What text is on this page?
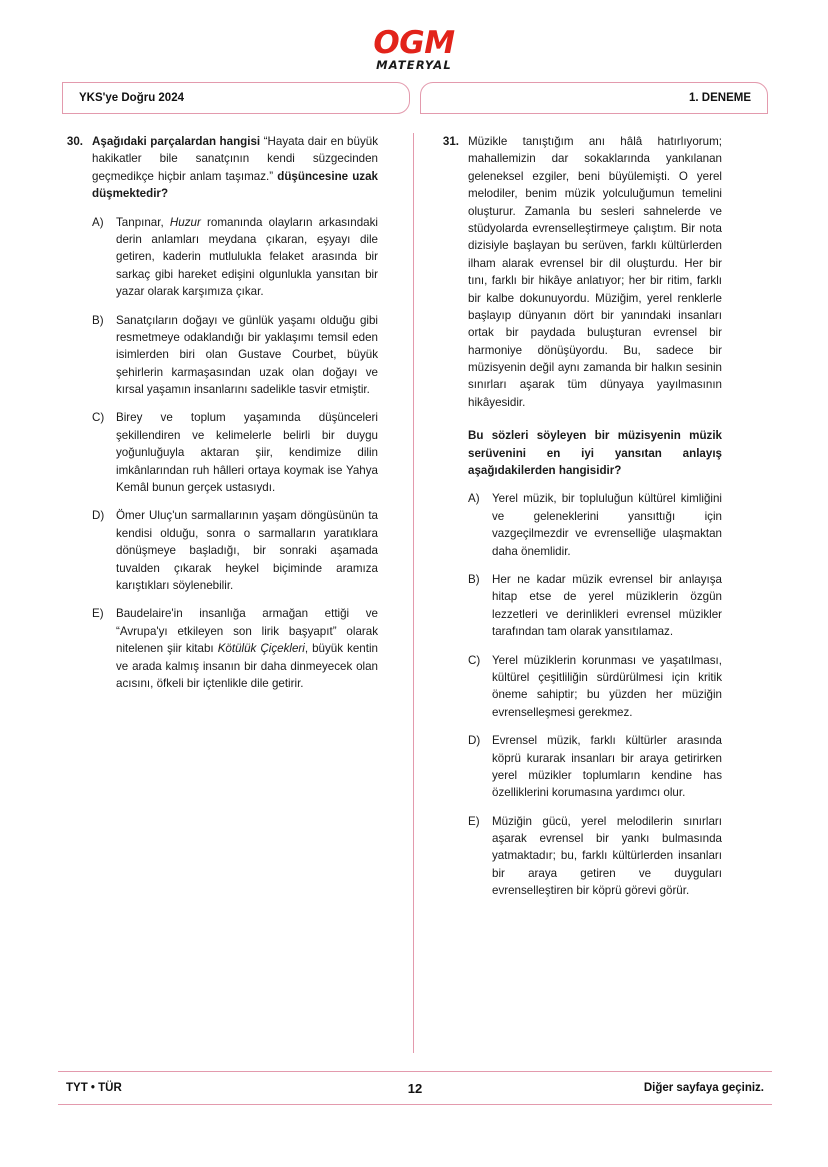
OGM
MATERYAL
YKS'ye Doğru 2024	1. DENEME
30. Aşağıdaki parçalardan hangisi “Hayata dair en büyük hakikatler bile sanatçının kendi süzgecinden geçmedikçe hiçbir anlam taşımaz.” düşüncesine uzak düşmektedir?
A)	Tanpınar, Huzur romanında olayların arkasındaki derin anlamları meydana çıkaran, eşyayı dile getiren, kaderin mutlulukla felaket arasında bir sarkaç gibi hareket edişini olgunlukla yansıtan bir yazar olarak karşımıza çıkar.
B)	Sanatçıların doğayı ve günlük yaşamı olduğu gibi resmetmeye odaklandığı bir yaklaşımı temsil eden isimlerden biri olan Gustave Courbet, büyük şehirlerin karmaşasından uzak olan doğayı ve kırsal yaşamın insanlarını sadelikle tasvir etmiştir.
C)	Birey ve toplum yaşamında düşünceleri şekillendiren ve kelimelerle belirli bir duygu yoğunluğuyla aktaran şiir, kendimize dilin imkânlarından ruh hâlleri ortaya koymak ise Yahya Kemâl bunun gerçek ustasıydı.
D)	Ömer Uluç'un sarmallarının yaşam döngüsünün ta kendisi olduğu, sonra o sarmalların yaratıklara dönüşmeye başladığı, bir sonraki aşamada tuvalden çıkarak heykel biçiminde aramıza karıştıkları söylenebilir.
E)	Baudelaire'in insanlığa armağan ettiği ve “Avrupa'yı etkileyen son lirik başyapıt” olarak nitelenen şiir kitabı Kötülük Çiçekleri, büyük kentin ve arada kalmış insanın bir daha dinmeyecek olan acısını, öfkeli bir içtenlikle dile getirir.
31. Müzikle tanıştığım anı hâlâ hatırlıyorum; mahallemizin dar sokaklarında yankılanan geleneksel ezgiler, beni büyülemişti. O yerel melodiler, benim müzik yolculuğumun temelini oluşturur. Zamanla bu sesleri sahnelerde ve stüdyolarda evrenselleştirmeye çalıştım. Bir nota dizisiyle başlayan bu serüven, farklı kültürlerden ilham alarak evrensel bir dil oluşturdu. Her bir tını, farklı bir hikâye anlatıyor; her bir ritim, farklı bir kalbe dokunuyordu. Müziğim, yerel renklerle başlayıp dünyanın dört bir yanındaki insanları ortak bir paydada buluşturan evrensel bir harmoniye dönüşüyordu. Bu, sadece bir müzisyenin değil aynı zamanda bir halkın sesinin sınırları aşarak tüm dünyaya yayılmasının hikâyesidir.
Bu sözleri söyleyen bir müzisyenin müzik serüvenini en iyi yansıtan anlayış aşağıdakilerden hangisidir?
A)	Yerel müzik, bir topluluğun kültürel kimliğini ve geleneklerini yansıttığı için vazgeçilmezdir ve evrenselliğe ulaşmaktan daha önemlidir.
B)	Her ne kadar müzik evrensel bir anlayışa hitap etse de yerel müziklerin özgün lezzetleri ve derinlikleri evrensel müzikler tarafından tam olarak yansıtılamaz.
C)	Yerel müziklerin korunması ve yaşatılması, kültürel çeşitliliğin sürdürülmesi için kritik öneme sahiptir; bu yüzden her müziğin evrenselleşmesi gerekmez.
D)	Evrensel müzik, farklı kültürler arasında köprü kurarak insanları bir araya getirirken yerel müzikler toplumların kendine has özelliklerini korumasına yardımcı olur.
E)	Müziğin gücü, yerel melodilerin sınırları aşarak evrensel bir yankı bulmasında yatmaktadır; bu, farklı kültürlerden insanları bir araya getiren ve duyguları evrenselleştiren bir köprü görevi görür.
TYT • TÜR	12	Diğer sayfaya geçiniz.
